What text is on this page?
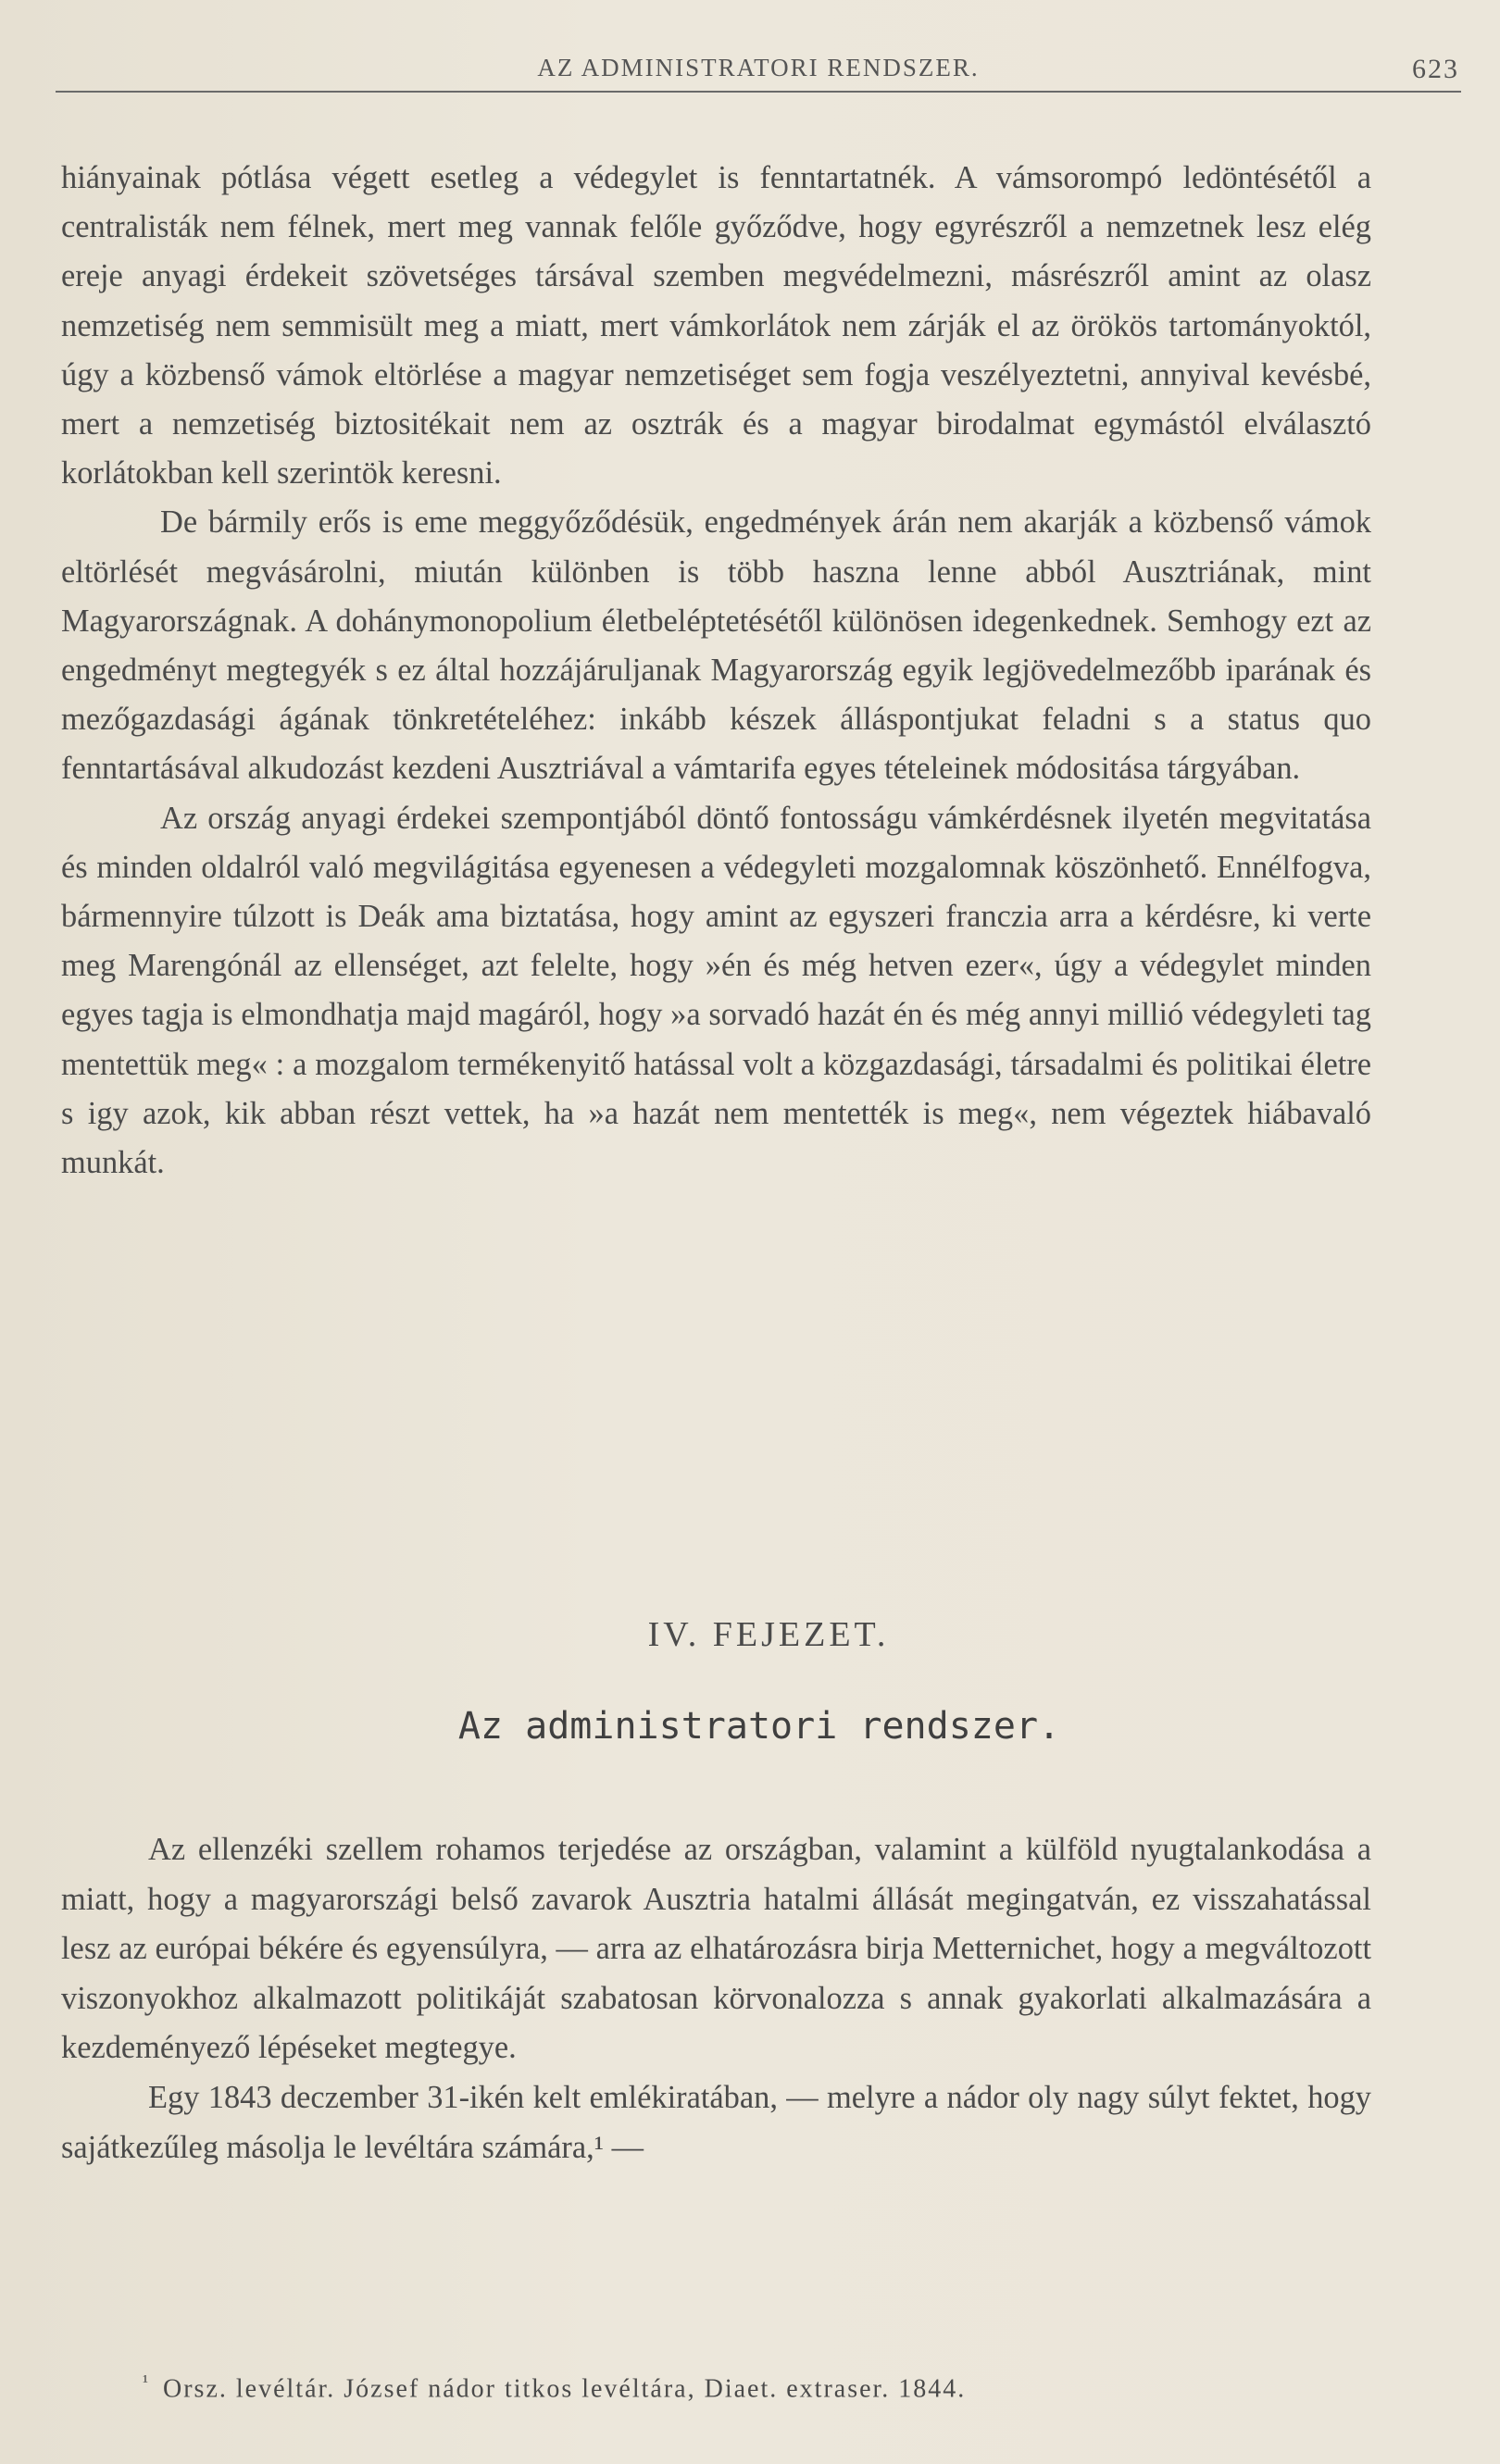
AZ ADMINISTRATORI RENDSZER.	623

hiányainak pótlása végett esetleg a védegylet is fenntartatnék. A vámsorompó ledöntésétől a centralisták nem félnek, mert meg vannak felőle győződve, hogy egyrészről a nemzetnek lesz elég ereje anyagi érdekeit szövetséges társával szemben megvédelmezni, másrészről amint az olasz nemzetiség nem semmisült meg a miatt, mert vámkorlátok nem zárják el az örökös tartományoktól, úgy a közbenső vámok eltörlése a magyar nemzetiséget sem fogja veszélyeztetni, annyival kevésbé, mert a nemzetiség biztositékait nem az osztrák és a magyar birodalmat egymástól elválasztó korlátokban kell szerintök keresni.

De bármily erős is eme meggyőződésük, engedmények árán nem akarják a közbenső vámok eltörlését megvásárolni, miután különben is több haszna lenne abból Ausztriának, mint Magyarországnak. A dohánymonopolium életbeléptetésétől különösen idegenkednek. Semhogy ezt az engedményt megtegyék s ez által hozzájáruljanak Magyarország egyik legjövedelmezőbb iparának és mezőgazdasági ágának tönkretételéhez: inkább készek álláspontjukat feladni s a status quo fenntartásával alkudozást kezdeni Ausztriával a vámtarifa egyes tételeinek módositása tárgyában.

Az ország anyagi érdekei szempontjából döntő fontosságu vámkérdésnek ilyetén megvitatása és minden oldalról való megvilágitása egyenesen a védegyleti mozgalomnak köszönhető. Ennélfogva, bármennyire túlzott is Deák ama biztatása, hogy amint az egyszeri franczia arra a kérdésre, ki verte meg Marengónál az ellenséget, azt felelte, hogy »én és még hetven ezer«, úgy a védegylet minden egyes tagja is elmondhatja majd magáról, hogy »a sorvadó hazát én és még annyi millió védegyleti tag mentettük meg« : a mozgalom termékenyitő hatással volt a közgazdasági, társadalmi és politikai életre s igy azok, kik abban részt vettek, ha »a hazát nem mentették is meg«, nem végeztek hiábavaló munkát.

IV. FEJEZET.
Az administratori rendszer.

Az ellenzéki szellem rohamos terjedése az országban, valamint a külföld nyugtalankodása a miatt, hogy a magyarországi belső zavarok Ausztria hatalmi állását megingatván, ez visszahatással lesz az európai békére és egyensúlyra, — arra az elhatározásra birja Metternichet, hogy a megváltozott viszonyokhoz alkalmazott politikáját szabatosan körvonalozza s annak gyakorlati alkalmazására a kezdeményező lépéseket megtegye.

Egy 1843 deczember 31-ikén kelt emlékiratában, — melyre a nádor oly nagy súlyt fektet, hogy sajátkezűleg másolja le levéltára számára,¹ —

$^{^1}$ Orsz. levéltár. József nádor titkos levéltára, Diaet. extraser. 1844.
